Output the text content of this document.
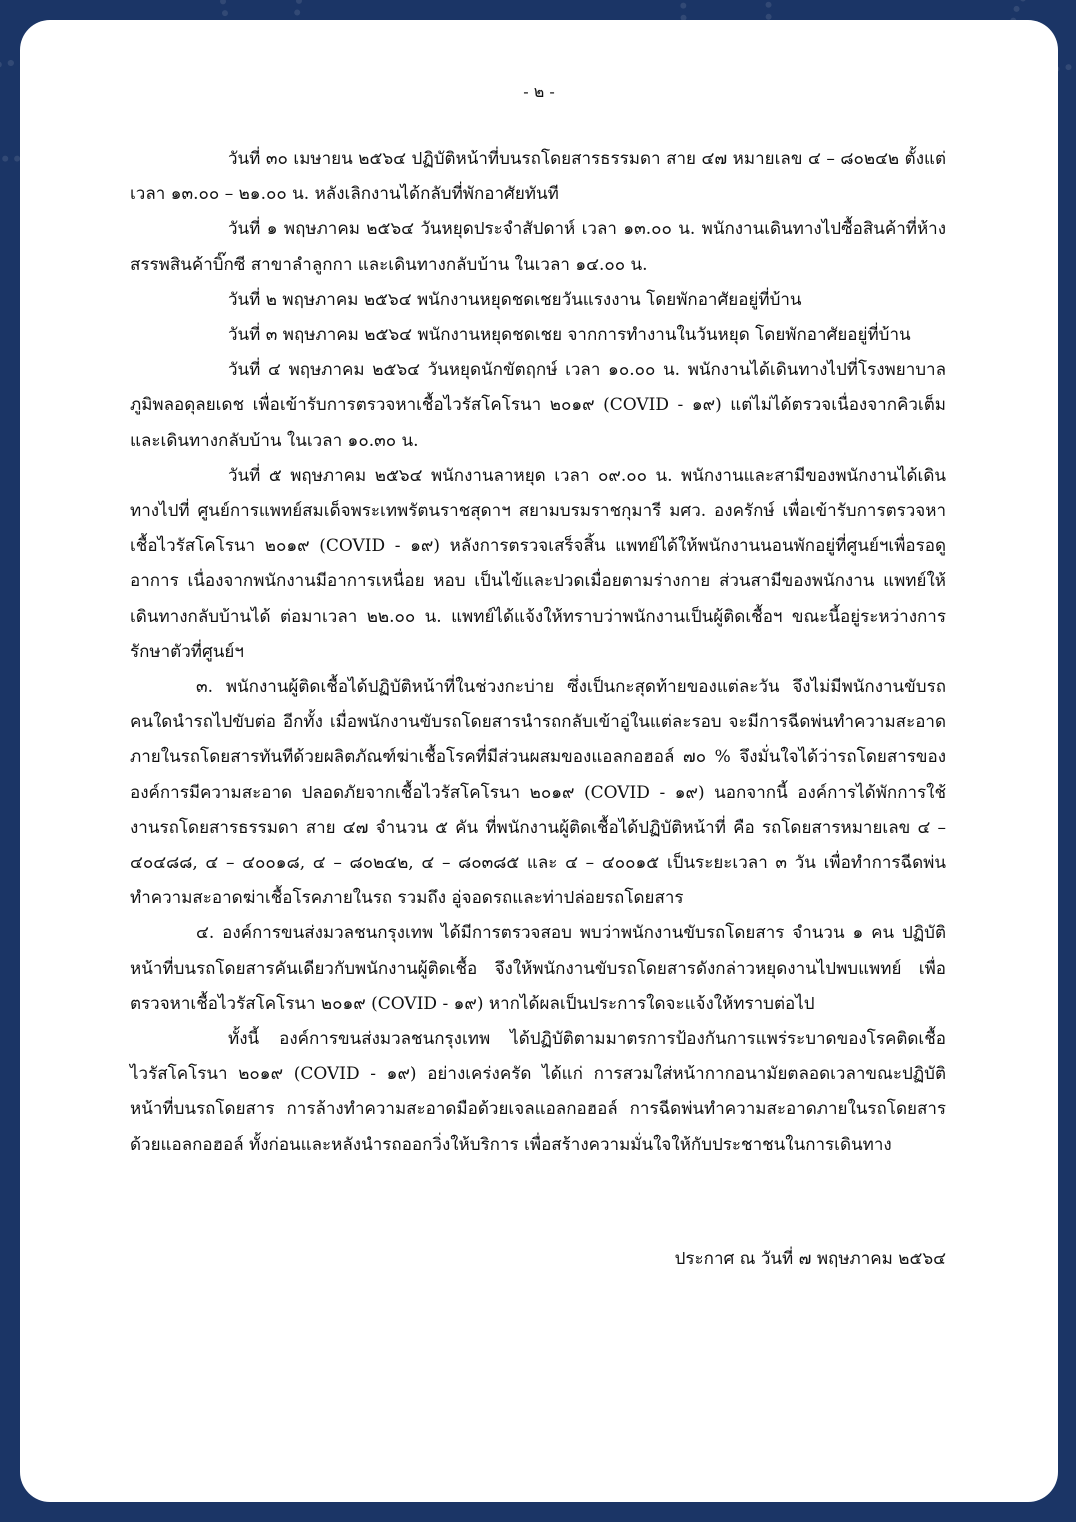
- ๒ -

วันที่ ๓๐ เมษายน ๒๕๖๔ ปฏิบัติหน้าที่บนรถโดยสารธรรมดา สาย ๔๗ หมายเลข ๔ – ๘๐๒๔๒ ตั้งแต่เวลา ๑๓.๐๐ – ๒๑.๐๐ น. หลังเลิกงานได้กลับที่พักอาศัยทันที

วันที่ ๑ พฤษภาคม ๒๕๖๔ วันหยุดประจำสัปดาห์ เวลา ๑๓.๐๐ น. พนักงานเดินทางไปซื้อสินค้าที่ห้างสรรพสินค้าบิ๊กซี สาขาลำลูกกา และเดินทางกลับบ้าน ในเวลา ๑๔.๐๐ น.

วันที่ ๒ พฤษภาคม ๒๕๖๔ พนักงานหยุดชดเชยวันแรงงาน โดยพักอาศัยอยู่ที่บ้าน

วันที่ ๓ พฤษภาคม ๒๕๖๔ พนักงานหยุดชดเชย จากการทำงานในวันหยุด โดยพักอาศัยอยู่ที่บ้าน

วันที่ ๔ พฤษภาคม ๒๕๖๔ วันหยุดนักขัตฤกษ์ เวลา ๑๐.๐๐ น. พนักงานได้เดินทางไปที่โรงพยาบาลภูมิพลอดุลยเดช เพื่อเข้ารับการตรวจหาเชื้อไวรัสโคโรนา ๒๐๑๙ (COVID - ๑๙) แต่ไม่ได้ตรวจเนื่องจากคิวเต็ม และเดินทางกลับบ้าน ในเวลา ๑๐.๓๐ น.

วันที่ ๕ พฤษภาคม ๒๕๖๔ พนักงานลาหยุด เวลา ๐๙.๐๐ น. พนักงานและสามีของพนักงานได้เดินทางไปที่ ศูนย์การแพทย์สมเด็จพระเทพรัตนราชสุดาฯ สยามบรมราชกุมารี มศว. องครักษ์ เพื่อเข้ารับการตรวจหาเชื้อไวรัสโคโรนา ๒๐๑๙ (COVID - ๑๙) หลังการตรวจเสร็จสิ้น แพทย์ได้ให้พนักงานนอนพักอยู่ที่ศูนย์ฯเพื่อรอดูอาการ เนื่องจากพนักงานมีอาการเหนื่อย หอบ เป็นไข้และปวดเมื่อยตามร่างกาย ส่วนสามีของพนักงาน แพทย์ให้เดินทางกลับบ้านได้ ต่อมาเวลา ๒๒.๐๐ น. แพทย์ได้แจ้งให้ทราบว่าพนักงานเป็นผู้ติดเชื้อฯ ขณะนี้อยู่ระหว่างการรักษาตัวที่ศูนย์ฯ

๓. พนักงานผู้ติดเชื้อได้ปฏิบัติหน้าที่ในช่วงกะบ่าย ซึ่งเป็นกะสุดท้ายของแต่ละวัน จึงไม่มีพนักงานขับรถคนใดนำรถไปขับต่อ อีกทั้ง เมื่อพนักงานขับรถโดยสารนำรถกลับเข้าอู่ในแต่ละรอบ จะมีการฉีดพ่นทำความสะอาดภายในรถโดยสารทันทีด้วยผลิตภัณฑ์ฆ่าเชื้อโรคที่มีส่วนผสมของแอลกอฮอล์ ๗๐ % จึงมั่นใจได้ว่ารถโดยสารขององค์การมีความสะอาด ปลอดภัยจากเชื้อไวรัสโคโรนา ๒๐๑๙ (COVID - ๑๙) นอกจากนี้ องค์การได้พักการใช้งานรถโดยสารธรรมดา สาย ๔๗ จำนวน ๕ คัน ที่พนักงานผู้ติดเชื้อได้ปฏิบัติหน้าที่ คือ รถโดยสารหมายเลข ๔ – ๔๐๔๘๘, ๔ – ๔๐๐๑๘, ๔ – ๘๐๒๔๒, ๔ – ๘๐๓๘๕ และ ๔ – ๔๐๐๑๕ เป็นระยะเวลา ๓ วัน เพื่อทำการฉีดพ่น ทำความสะอาดฆ่าเชื้อโรคภายในรถ รวมถึง อู่จอดรถและท่าปล่อยรถโดยสาร

๔. องค์การขนส่งมวลชนกรุงเทพ ได้มีการตรวจสอบ พบว่าพนักงานขับรถโดยสาร จำนวน ๑ คน ปฏิบัติหน้าที่บนรถโดยสารคันเดียวกับพนักงานผู้ติดเชื้อ จึงให้พนักงานขับรถโดยสารดังกล่าวหยุดงานไปพบแพทย์ เพื่อตรวจหาเชื้อไวรัสโคโรนา ๒๐๑๙ (COVID - ๑๙) หากได้ผลเป็นประการใดจะแจ้งให้ทราบต่อไป

ทั้งนี้ องค์การขนส่งมวลชนกรุงเทพ ได้ปฏิบัติตามมาตรการป้องกันการแพร่ระบาดของโรคติดเชื้อไวรัสโคโรนา ๒๐๑๙ (COVID - ๑๙) อย่างเคร่งครัด ได้แก่ การสวมใส่หน้ากากอนามัยตลอดเวลาขณะปฏิบัติหน้าที่บนรถโดยสาร การล้างทำความสะอาดมือด้วยเจลแอลกอฮอล์ การฉีดพ่นทำความสะอาดภายในรถโดยสารด้วยแอลกอฮอล์ ทั้งก่อนและหลังนำรถออกวิ่งให้บริการ เพื่อสร้างความมั่นใจให้กับประชาชนในการเดินทาง

ประกาศ ณ วันที่ ๗ พฤษภาคม ๒๕๖๔
